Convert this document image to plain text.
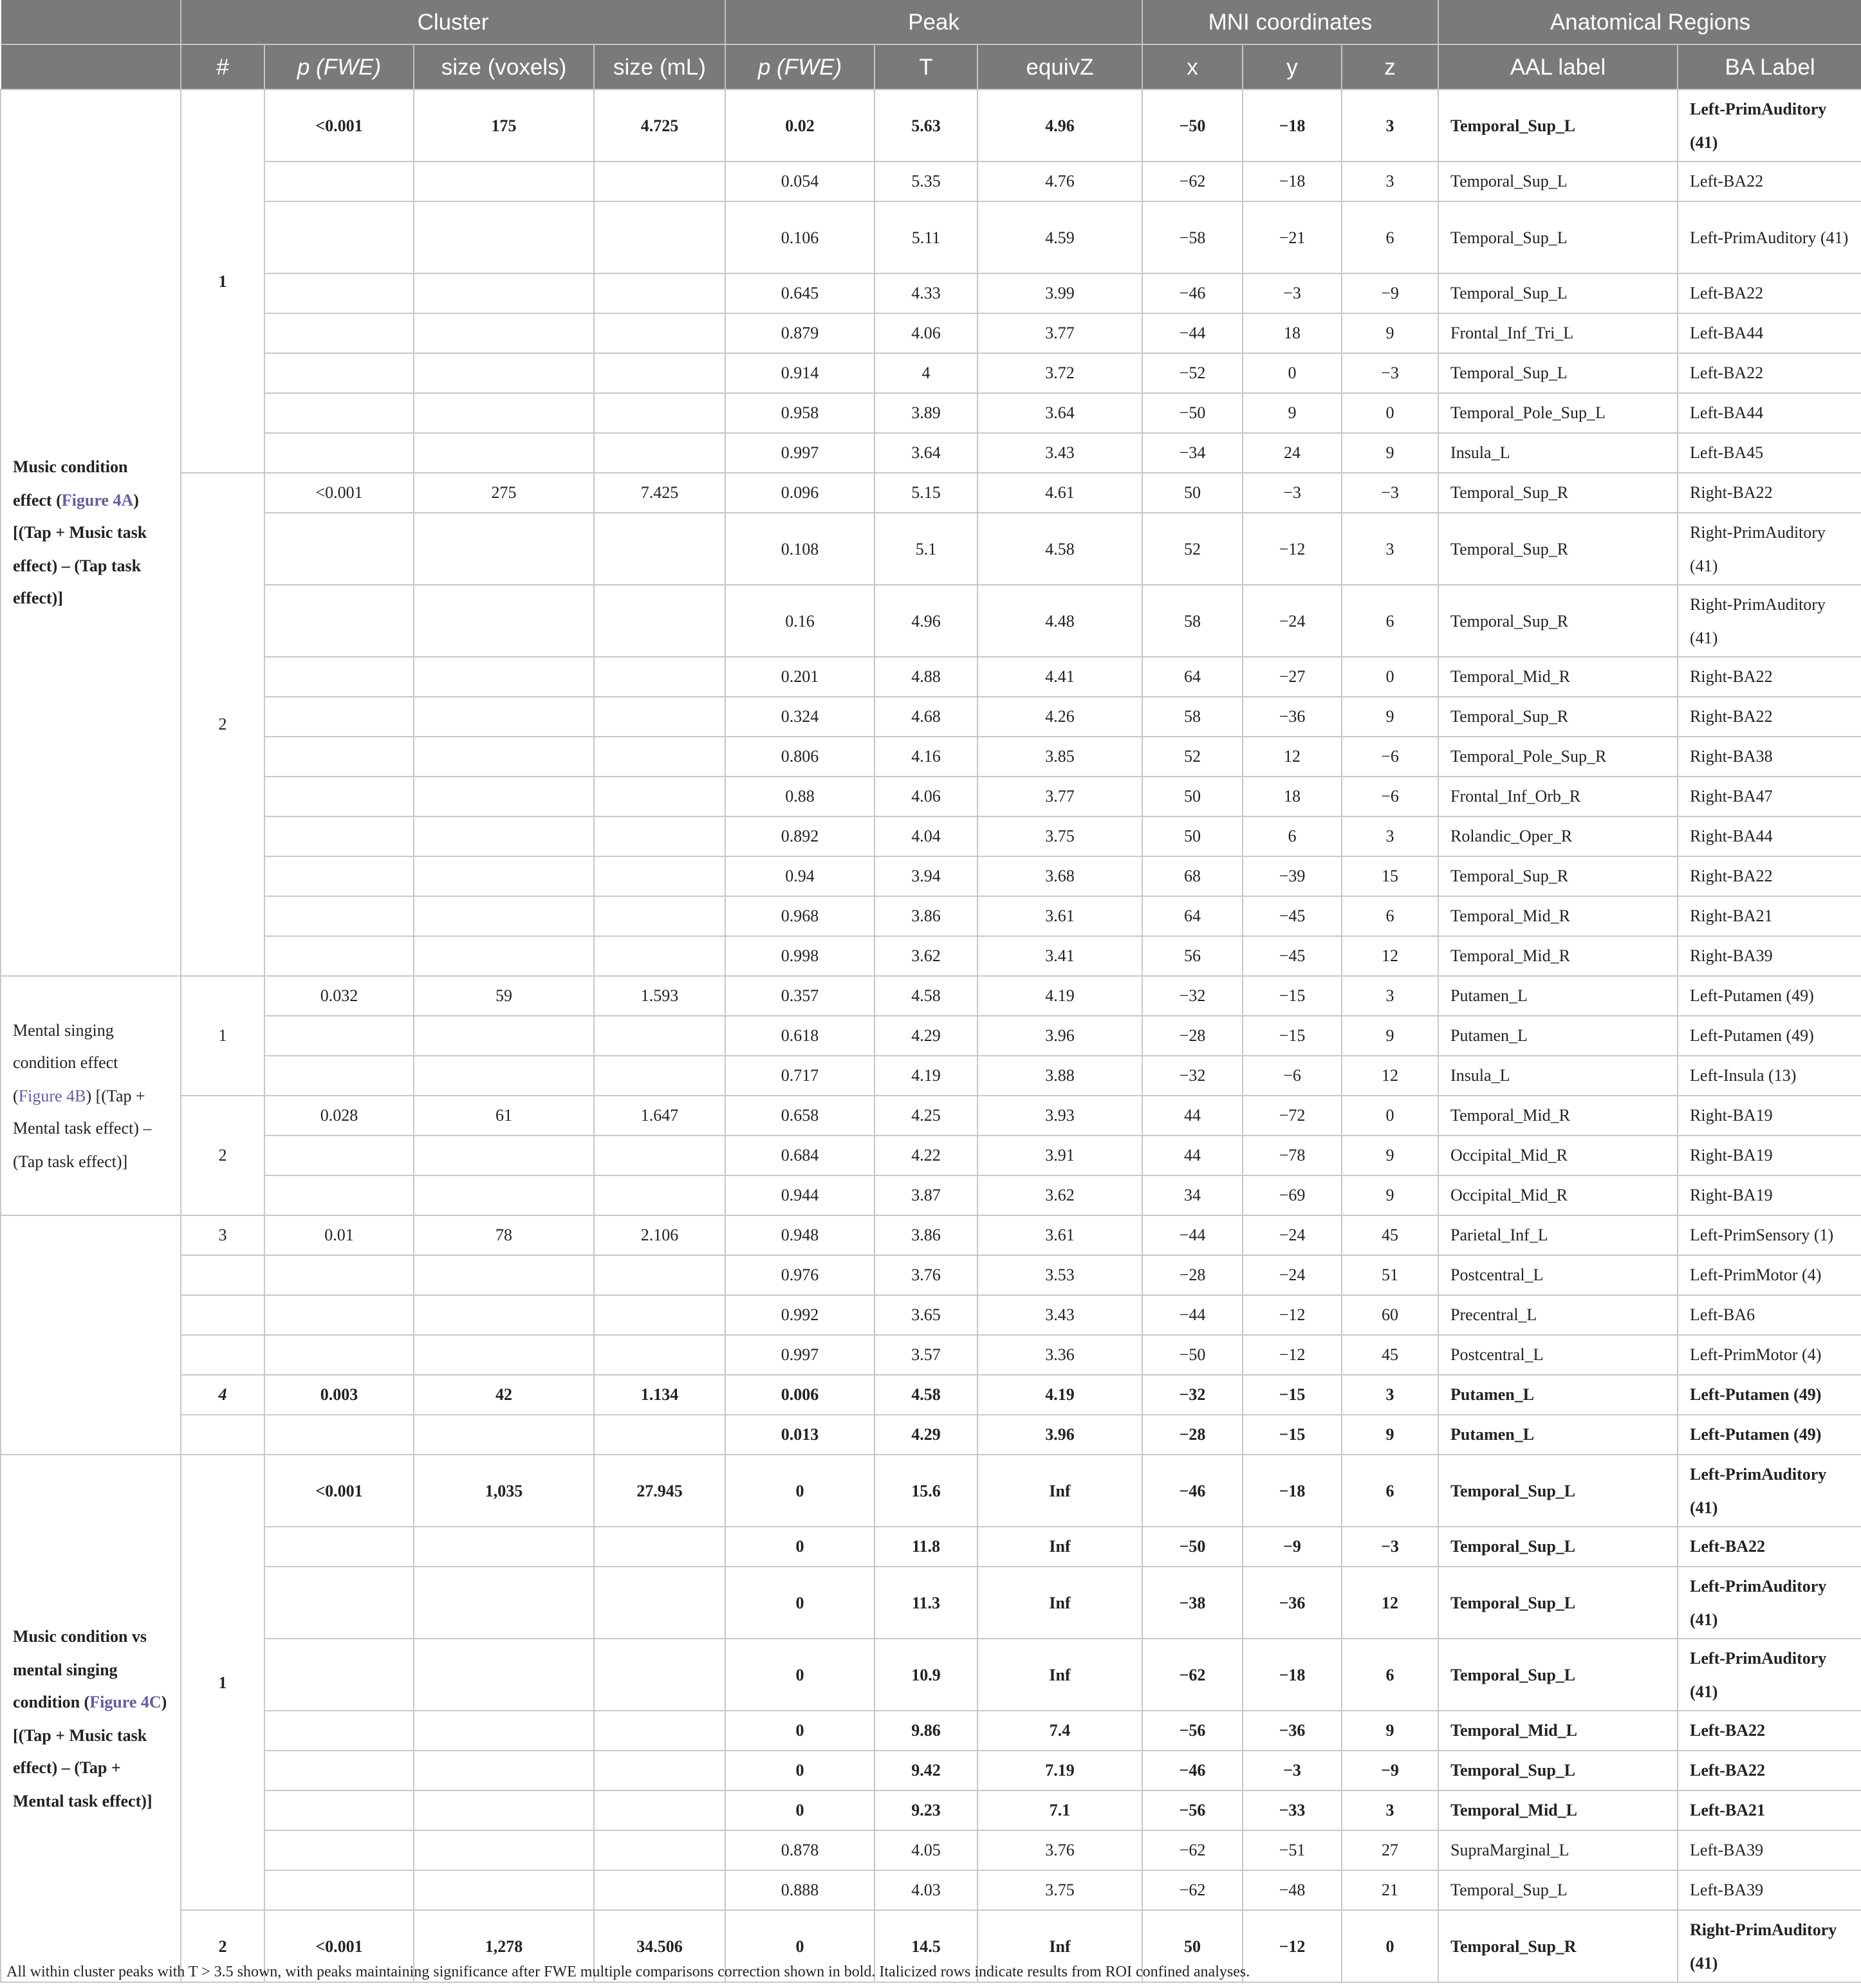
	Cluster				Peak			MNI coordinates			Anatomical Regions	
	#	p (FWE)	size (voxels)	size (mL)	p (FWE)	T	equivZ	x	y	z	AAL label	BA Label
Music condition effect (Figure 4A) [(Tap + Music task effect) – (Tap task effect)]	1	<0.001	175	4.725	0.02	5.63	4.96	−50	−18	3	Temporal_Sup_L	Left-PrimAuditory (41)
					0.054	5.35	4.76	−62	−18	3	Temporal_Sup_L	Left-BA22
					0.106	5.11	4.59	−58	−21	6	Temporal_Sup_L	Left-PrimAuditory (41)
					0.645	4.33	3.99	−46	−3	−9	Temporal_Sup_L	Left-BA22
					0.879	4.06	3.77	−44	18	9	Frontal_Inf_Tri_L	Left-BA44
					0.914	4	3.72	−52	0	−3	Temporal_Sup_L	Left-BA22
					0.958	3.89	3.64	−50	9	0	Temporal_Pole_Sup_L	Left-BA44
					0.997	3.64	3.43	−34	24	9	Insula_L	Left-BA45
	2	<0.001	275	7.425	0.096	5.15	4.61	50	−3	−3	Temporal_Sup_R	Right-BA22
					0.108	5.1	4.58	52	−12	3	Temporal_Sup_R	Right-PrimAuditory (41)
					0.16	4.96	4.48	58	−24	6	Temporal_Sup_R	Right-PrimAuditory (41)
					0.201	4.88	4.41	64	−27	0	Temporal_Mid_R	Right-BA22
					0.324	4.68	4.26	58	−36	9	Temporal_Sup_R	Right-BA22
					0.806	4.16	3.85	52	12	−6	Temporal_Pole_Sup_R	Right-BA38
					0.88	4.06	3.77	50	18	−6	Frontal_Inf_Orb_R	Right-BA47
					0.892	4.04	3.75	50	6	3	Rolandic_Oper_R	Right-BA44
					0.94	3.94	3.68	68	−39	15	Temporal_Sup_R	Right-BA22
					0.968	3.86	3.61	64	−45	6	Temporal_Mid_R	Right-BA21
					0.998	3.62	3.41	56	−45	12	Temporal_Mid_R	Right-BA39
Mental singing condition effect (Figure 4B) [(Tap + Mental task effect) – (Tap task effect)]	1	0.032	59	1.593	0.357	4.58	4.19	−32	−15	3	Putamen_L	Left-Putamen (49)
					0.618	4.29	3.96	−28	−15	9	Putamen_L	Left-Putamen (49)
					0.717	4.19	3.88	−32	−6	12	Insula_L	Left-Insula (13)
	2	0.028	61	1.647	0.658	4.25	3.93	44	−72	0	Temporal_Mid_R	Right-BA19
					0.684	4.22	3.91	44	−78	9	Occipital_Mid_R	Right-BA19
					0.944	3.87	3.62	34	−69	9	Occipital_Mid_R	Right-BA19
	3	0.01	78	2.106	0.948	3.86	3.61	−44	−24	45	Parietal_Inf_L	Left-PrimSensory (1)
					0.976	3.76	3.53	−28	−24	51	Postcentral_L	Left-PrimMotor (4)
					0.992	3.65	3.43	−44	−12	60	Precentral_L	Left-BA6
					0.997	3.57	3.36	−50	−12	45	Postcentral_L	Left-PrimMotor (4)
	4	0.003	42	1.134	0.006	4.58	4.19	−32	−15	3	Putamen_L	Left-Putamen (49)
					0.013	4.29	3.96	−28	−15	9	Putamen_L	Left-Putamen (49)
Music condition vs mental singing condition (Figure 4C) [(Tap + Music task effect) – (Tap + Mental task effect)]	1	<0.001	1,035	27.945	0	15.6	Inf	−46	−18	6	Temporal_Sup_L	Left-PrimAuditory (41)
					0	11.8	Inf	−50	−9	−3	Temporal_Sup_L	Left-BA22
					0	11.3	Inf	−38	−36	12	Temporal_Sup_L	Left-PrimAuditory (41)
					0	10.9	Inf	−62	−18	6	Temporal_Sup_L	Left-PrimAuditory (41)
					0	9.86	7.4	−56	−36	9	Temporal_Mid_L	Left-BA22
					0	9.42	7.19	−46	−3	−9	Temporal_Sup_L	Left-BA22
					0	9.23	7.1	−56	−33	3	Temporal_Mid_L	Left-BA21
					0.878	4.05	3.76	−62	−51	27	SupraMarginal_L	Left-BA39
					0.888	4.03	3.75	−62	−48	21	Temporal_Sup_L	Left-BA39
	2	<0.001	1,278	34.506	0	14.5	Inf	50	−12	0	Temporal_Sup_R	Right-PrimAuditory (41)
All within cluster peaks with T > 3.5 shown, with peaks maintaining significance after FWE multiple comparisons correction shown in bold. Italicized rows indicate results from ROI confined analyses.
